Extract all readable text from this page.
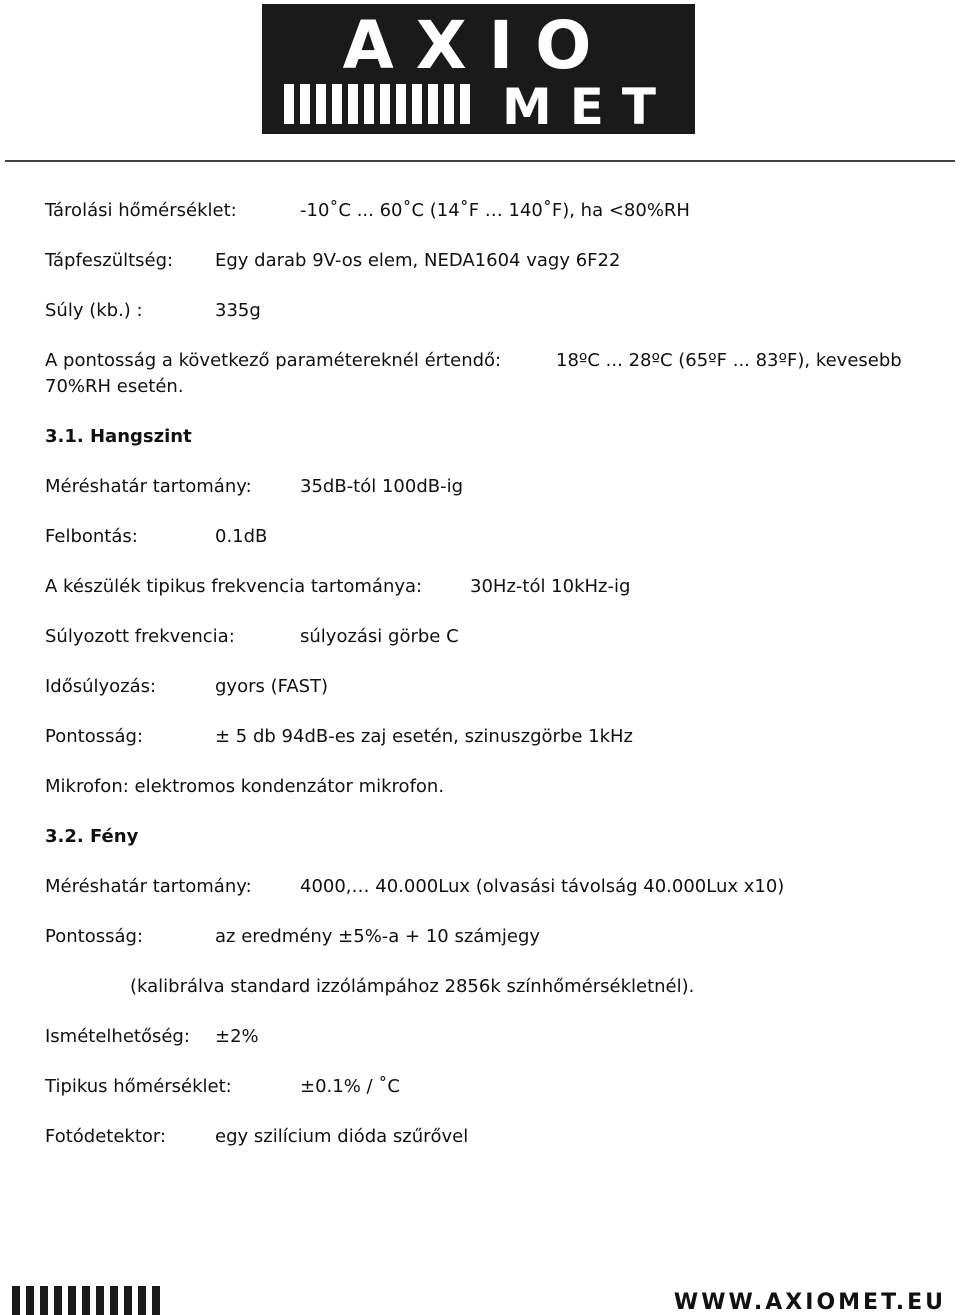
AXIO
MET
Tárolási hőmérséklet:	-10˚C ... 60˚C (14˚F … 140˚F), ha <80%RH
Tápfeszültség: Egy darab 9V-os elem, NEDA1604 vagy 6F22
Súly (kb.) :	335g
A pontosság a következő paramétereknél értendő:	18ºC ... 28ºC (65ºF ... 83ºF), kevesebb
70%RH esetén.
3.1. Hangszint
Méréshatár tartomány:	35dB-tól 100dB-ig
Felbontás:	0.1dB
A készülék tipikus frekvencia tartománya:	30Hz-tól 10kHz-ig
Súlyozott frekvencia:	súlyozási görbe C
Idősúlyozás:	gyors (FAST)
Pontosság:	± 5 db 94dB-es zaj esetén, szinuszgörbe 1kHz
Mikrofon: elektromos kondenzátor mikrofon.
3.2. Fény
Méréshatár tartomány:	4000,… 40.000Lux (olvasási távolság 40.000Lux x10)
Pontosság:	az eredmény ±5%-a + 10 számjegy
(kalibrálva standard izzólámpához 2856k színhőmérsékletnél).
Ismételhetőség: ±2%
Tipikus hőmérséklet:	±0.1% / ˚C
Fotódetektor:	egy szilícium dióda szűrővel
WWW.AXIOMET.EU
